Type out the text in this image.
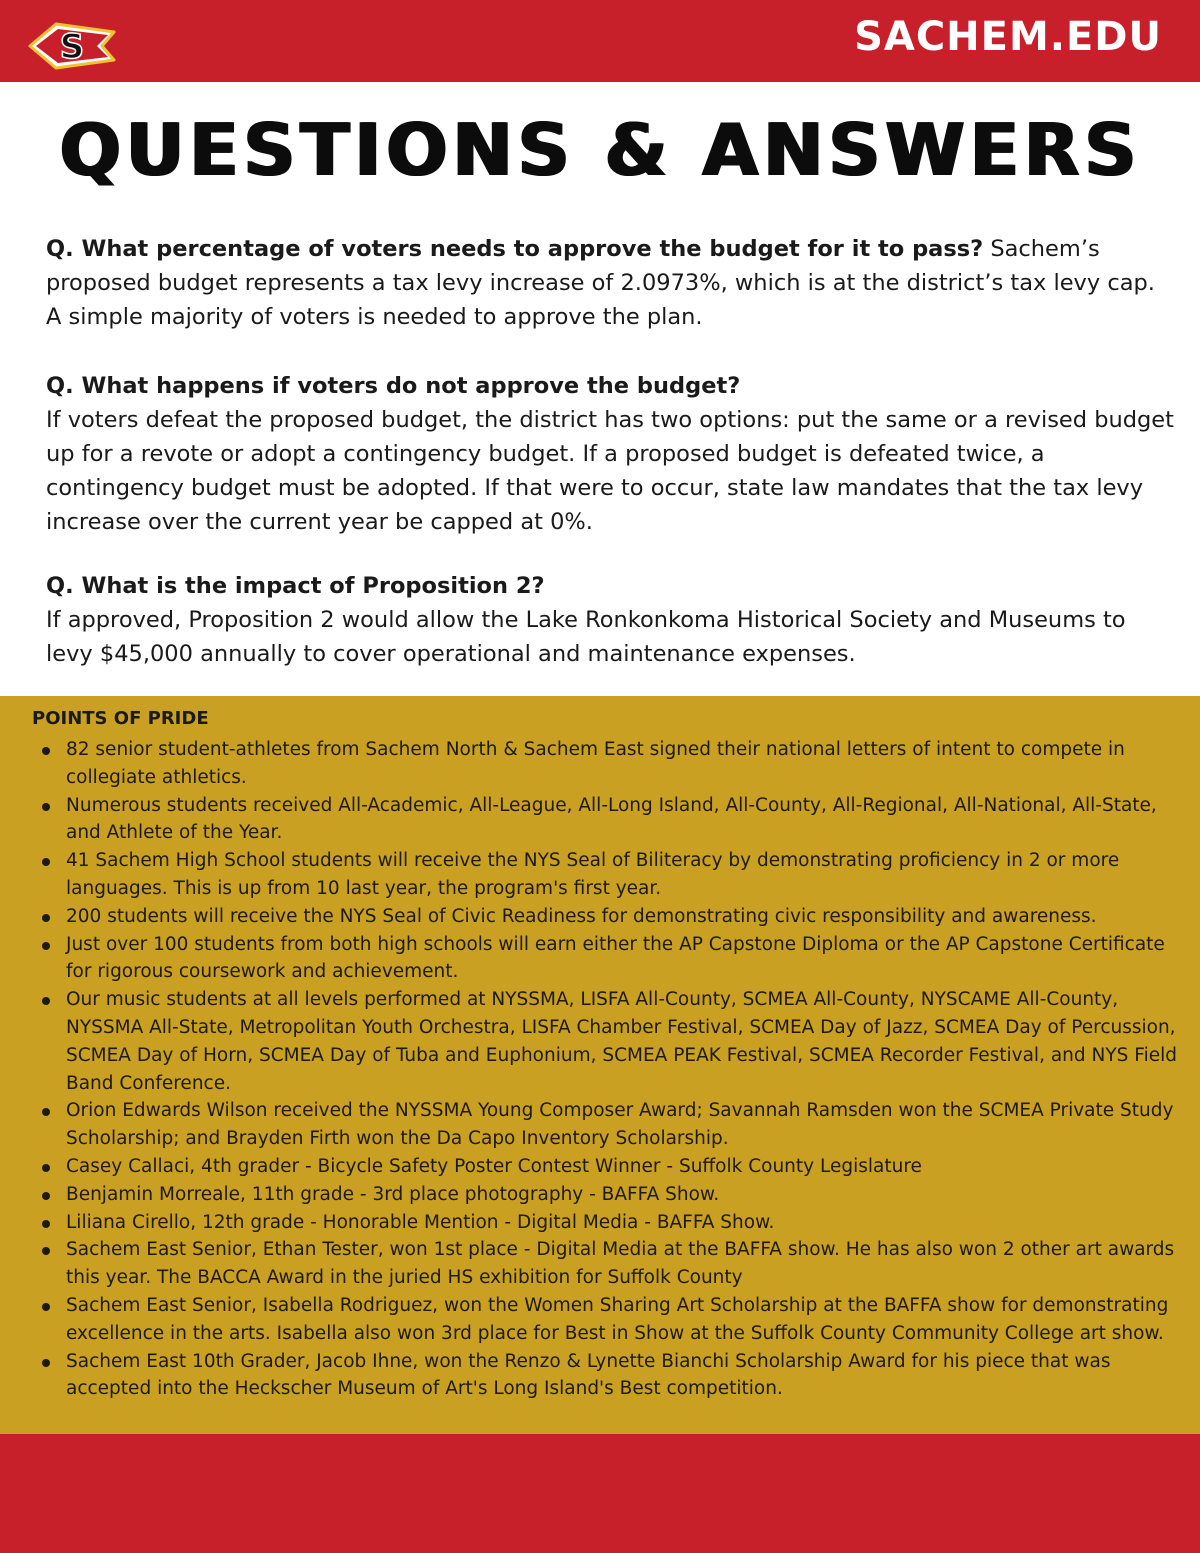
S	SACHEM.EDU
QUESTIONS & ANSWERS
Q. What percentage of voters needs to approve the budget for it to pass? Sachem’s proposed budget represents a tax levy increase of 2.0973%, which is at the district’s tax levy cap. A simple majority of voters is needed to approve the plan.
Q. What happens if voters do not approve the budget?
If voters defeat the proposed budget, the district has two options: put the same or a revised budget up for a revote or adopt a contingency budget. If a proposed budget is defeated twice, a contingency budget must be adopted. If that were to occur, state law mandates that the tax levy increase over the current year be capped at 0%.
Q. What is the impact of Proposition 2?
If approved, Proposition 2 would allow the Lake Ronkonkoma Historical Society and Museums to levy $45,000 annually to cover operational and maintenance expenses.
POINTS OF PRIDE
82 senior student-athletes from Sachem North & Sachem East signed their national letters of intent to compete in collegiate athletics.
Numerous students received All-Academic, All-League, All-Long Island, All-County, All-Regional, All-National, All-State, and Athlete of the Year.
41 Sachem High School students will receive the NYS Seal of Biliteracy by demonstrating proficiency in 2 or more languages. This is up from 10 last year, the program's first year.
200 students will receive the NYS Seal of Civic Readiness for demonstrating civic responsibility and awareness.
Just over 100 students from both high schools will earn either the AP Capstone Diploma or the AP Capstone Certificate for rigorous coursework and achievement.
Our music students at all levels performed at NYSSMA, LISFA All-County, SCMEA All-County, NYSCAME All-County, NYSSMA All-State, Metropolitan Youth Orchestra, LISFA Chamber Festival, SCMEA Day of Jazz, SCMEA Day of Percussion, SCMEA Day of Horn, SCMEA Day of Tuba and Euphonium, SCMEA PEAK Festival, SCMEA Recorder Festival, and NYS Field Band Conference.
Orion Edwards Wilson received the NYSSMA Young Composer Award; Savannah Ramsden won the SCMEA Private Study Scholarship; and Brayden Firth won the Da Capo Inventory Scholarship.
Casey Callaci, 4th grader - Bicycle Safety Poster Contest Winner - Suffolk County Legislature
Benjamin Morreale, 11th grade - 3rd place photography - BAFFA Show.
Liliana Cirello, 12th grade - Honorable Mention - Digital Media - BAFFA Show.
Sachem East Senior, Ethan Tester, won 1st place - Digital Media at the BAFFA show. He has also won 2 other art awards this year. The BACCA Award in the juried HS exhibition for Suffolk County
Sachem East Senior, Isabella Rodriguez, won the Women Sharing Art Scholarship at the BAFFA show for demonstrating excellence in the arts. Isabella also won 3rd place for Best in Show at the Suffolk County Community College art show.
Sachem East 10th Grader, Jacob Ihne, won the Renzo & Lynette Bianchi Scholarship Award for his piece that was accepted into the Heckscher Museum of Art's Long Island's Best competition.
